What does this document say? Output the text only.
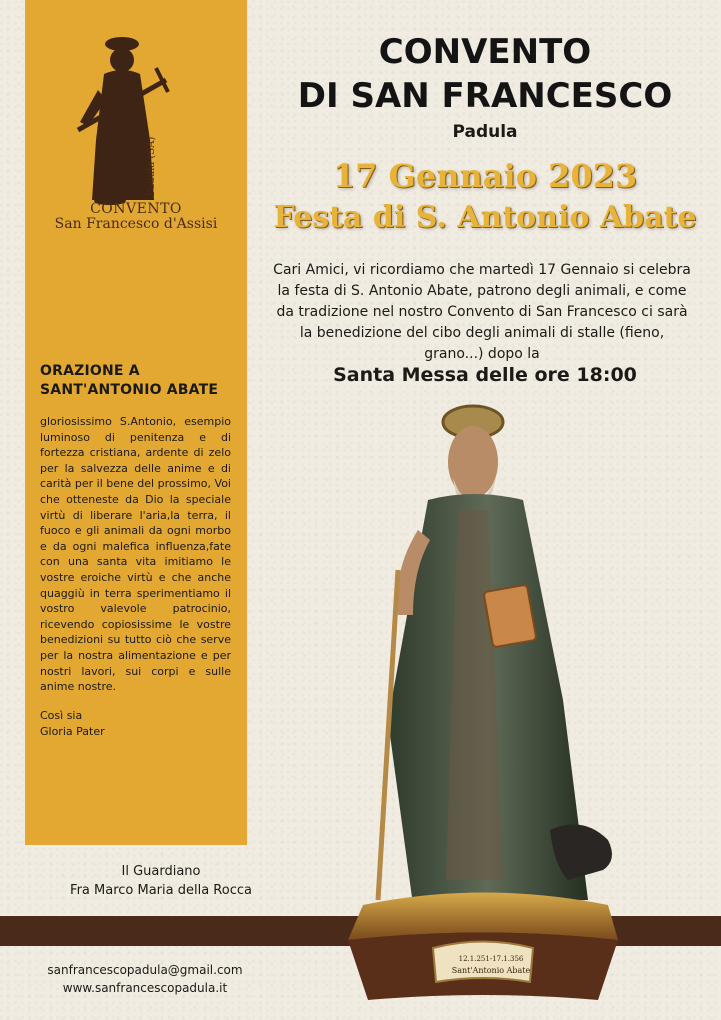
Padula (SA)
CONVENTO
San Francesco d'Assisi
ORAZIONE A
SANT'ANTONIO ABATE
gloriosissimo S.Antonio, esempio luminoso di penitenza e di fortezza cristiana, ardente di zelo per la salvezza delle anime e di carità per il bene del prossimo, Voi che otteneste da Dio la speciale virtù di liberare l'aria,la terra, il fuoco e gli animali da ogni morbo e da ogni malefica influenza,fate con una santa vita imitiamo le vostre eroiche virtù e che anche quaggiù in terra sperimentiamo il vostro valevole patrocinio, ricevendo copiosissime le vostre benedizioni su tutto ciò che serve per la nostra alimentazione e per nostri lavori, sui corpi e sulle anime nostre.
Così sia
Gloria Pater
Il Guardiano
Fra Marco Maria della Rocca
sanfrancescopadula@gmail.com
www.sanfrancescopadula.it
CONVENTO
DI SAN FRANCESCO
Padula
17 Gennaio 2023
Festa di S. Antonio Abate
Cari Amici, vi ricordiamo che martedì 17 Gennaio si celebra la festa di S. Antonio Abate, patrono degli animali, e come da tradizione nel nostro Convento di San Francesco ci sarà la benedizione del cibo degli animali di stalle (fieno, grano...) dopo la
Santa Messa delle ore 18:00
12.1.251-17.1.356
Sant'Antonio Abate
